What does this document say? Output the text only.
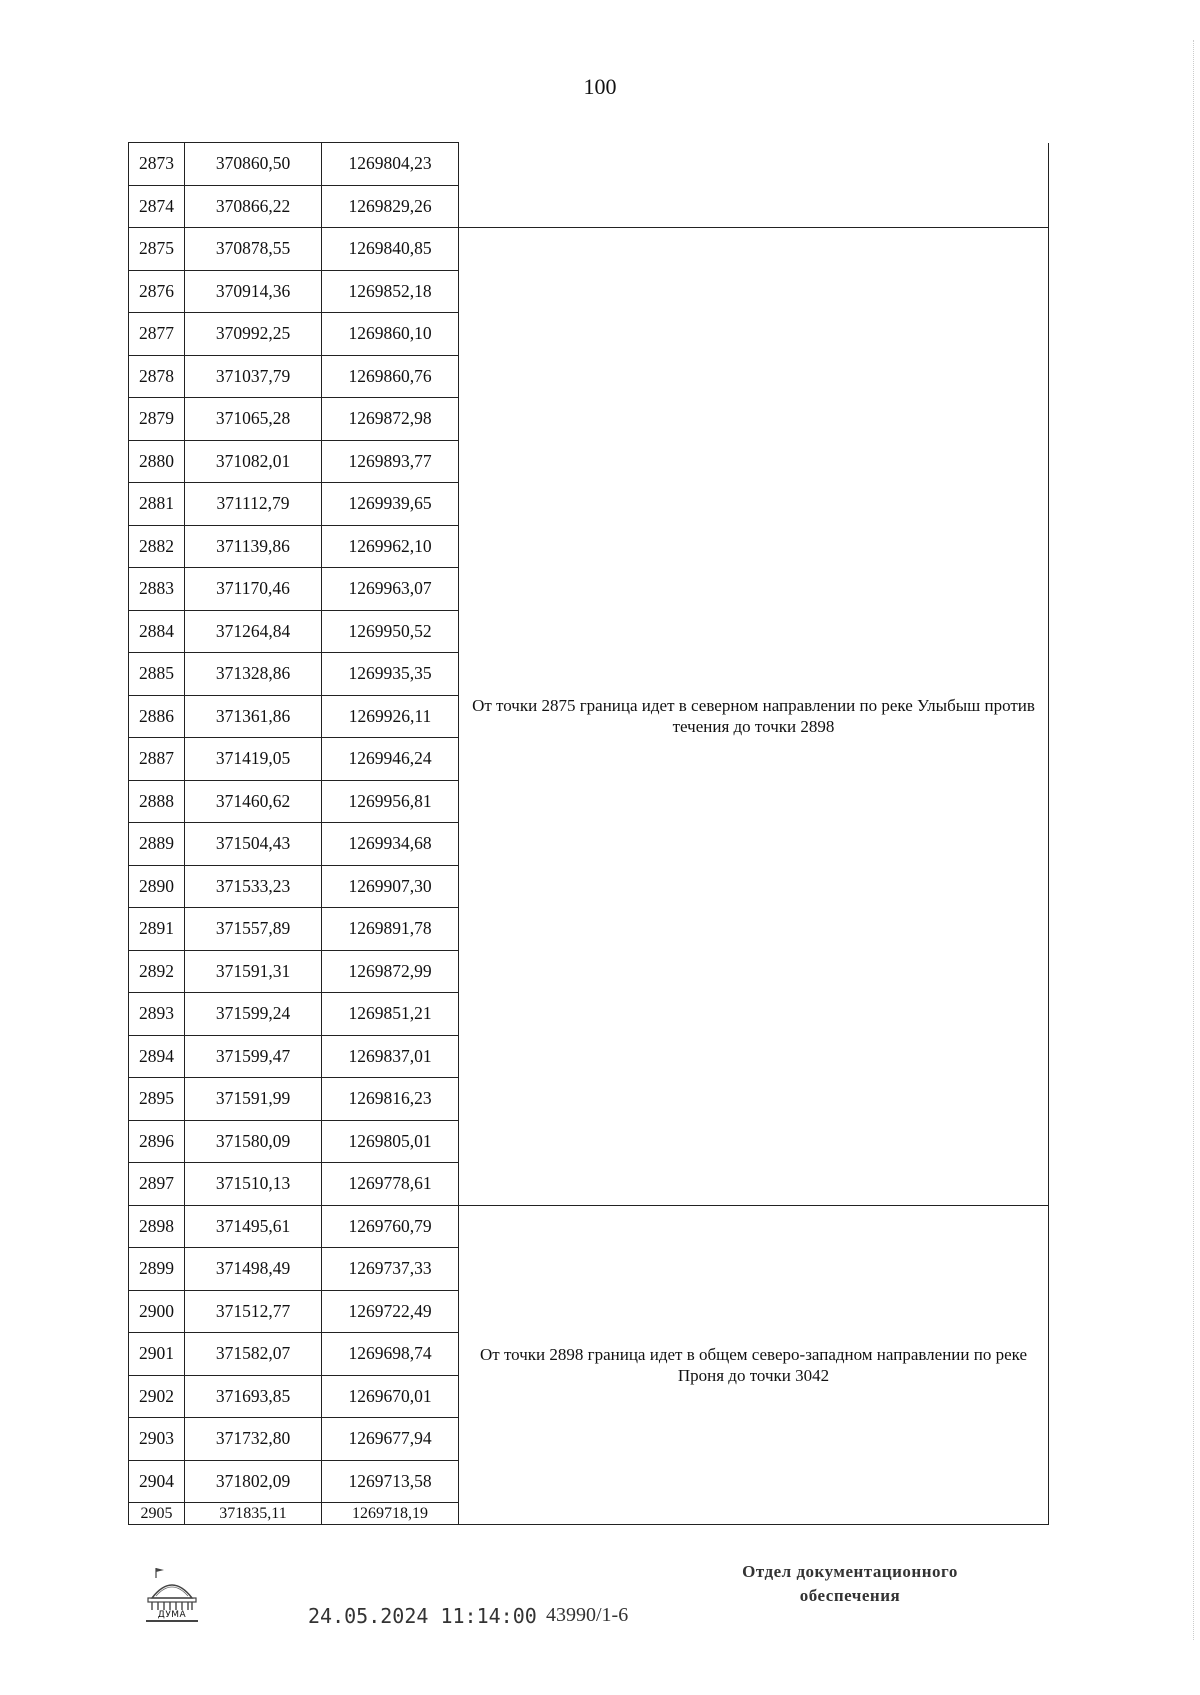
100
2873	370860,50	1269804,23	
2874	370866,22	1269829,26	
2875	370878,55	1269840,85	От точки 2875 граница идет в северном направлении по реке Улыбыш против течения до точки 2898
2876	370914,36	1269852,18	
2877	370992,25	1269860,10	
2878	371037,79	1269860,76	
2879	371065,28	1269872,98	
2880	371082,01	1269893,77	
2881	371112,79	1269939,65	
2882	371139,86	1269962,10	
2883	371170,46	1269963,07	
2884	371264,84	1269950,52	
2885	371328,86	1269935,35	
2886	371361,86	1269926,11	
2887	371419,05	1269946,24	
2888	371460,62	1269956,81	
2889	371504,43	1269934,68	
2890	371533,23	1269907,30	
2891	371557,89	1269891,78	
2892	371591,31	1269872,99	
2893	371599,24	1269851,21	
2894	371599,47	1269837,01	
2895	371591,99	1269816,23	
2896	371580,09	1269805,01	
2897	371510,13	1269778,61	
2898	371495,61	1269760,79	От точки 2898 граница идет в общем северо-западном направлении по реке Проня до точки 3042
2899	371498,49	1269737,33	
2900	371512,77	1269722,49	
2901	371582,07	1269698,74	
2902	371693,85	1269670,01	
2903	371732,80	1269677,94	
2904	371802,09	1269713,58	
2905	371835,11	1269718,19	
ДУМА	24.05.2024 11:14:00 43990/1-6
Отдел документационного
обеспечения
